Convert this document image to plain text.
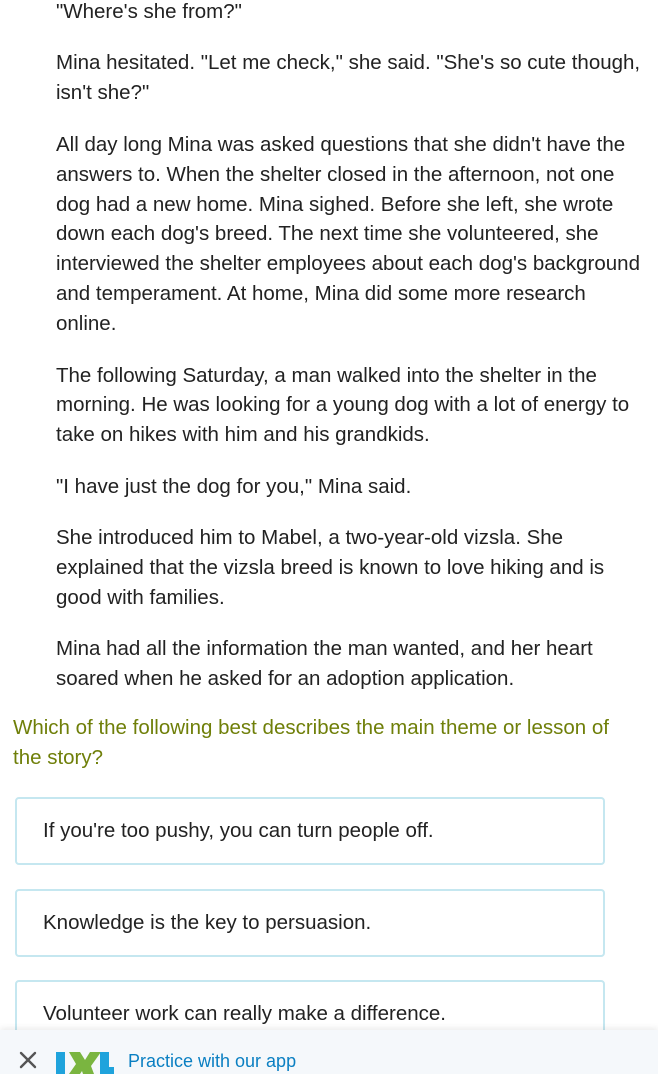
"Where's she from?"

Mina hesitated. "Let me check," she said. "She's so cute though,
isn't she?"

All day long Mina was asked questions that she didn't have the
answers to. When the shelter closed in the afternoon, not one
dog had a new home. Mina sighed. Before she left, she wrote
down each dog's breed. The next time she volunteered, she
interviewed the shelter employees about each dog's background
and temperament. At home, Mina did some more research
online.

The following Saturday, a man walked into the shelter in the
morning. He was looking for a young dog with a lot of energy to
take on hikes with him and his grandkids.

"I have just the dog for you," Mina said.

She introduced him to Mabel, a two-year-old vizsla. She
explained that the vizsla breed is known to love hiking and is
good with families.

Mina had all the information the man wanted, and her heart
soared when he asked for an adoption application.

Which of the following best describes the main theme or lesson of
the story?

If you're too pushy, you can turn people off.
Knowledge is the key to persuasion.
Volunteer work can really make a difference.
Practice with our app
